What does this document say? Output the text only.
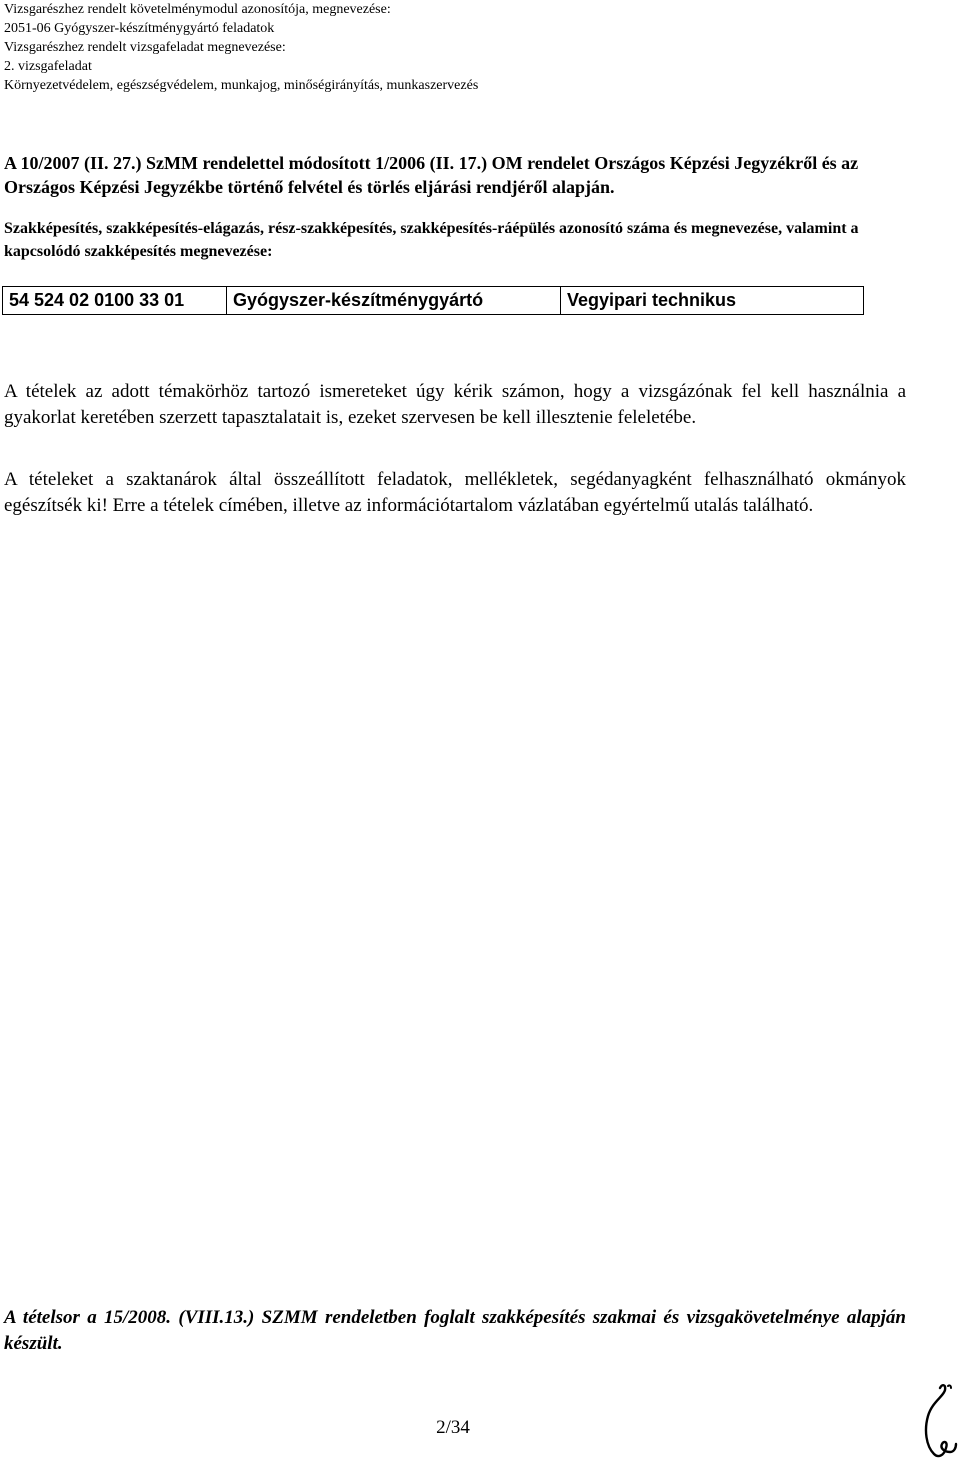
Vizsgarészhez rendelt követelménymodul azonosítója, megnevezése:
2051-06 Gyógyszer-készítménygyártó feladatok
Vizsgarészhez rendelt vizsgafeladat megnevezése:
2. vizsgafeladat
Környezetvédelem, egészségvédelem, munkajog, minőségirányítás, munkaszervezés
A 10/2007 (II. 27.) SzMM rendelettel módosított 1/2006 (II. 17.) OM rendelet Országos Képzési Jegyzékről és az Országos Képzési Jegyzékbe történő felvétel és törlés eljárási rendjéről alapján.
Szakképesítés, szakképesítés-elágazás, rész-szakképesítés, szakképesítés-ráépülés azonosító száma és megnevezése, valamint a kapcsolódó szakképesítés megnevezése:
54 524 02 0100 33 01	Gyógyszer-készítménygyártó	Vegyipari technikus
A tételek az adott témakörhöz tartozó ismereteket úgy kérik számon, hogy a vizsgázónak fel kell használnia a gyakorlat keretében szerzett tapasztalatait is, ezeket szervesen be kell illesztenie feleletébe.
A tételeket a szaktanárok által összeállított feladatok, mellékletek, segédanyagként felhasználható okmányok egészítsék ki! Erre a tételek címében, illetve az információtartalom vázlatában egyértelmű utalás található.
A tételsor a 15/2008. (VIII.13.) SZMM rendeletben foglalt szakképesítés szakmai és vizsgakövetelménye alapján készült.
2/34
